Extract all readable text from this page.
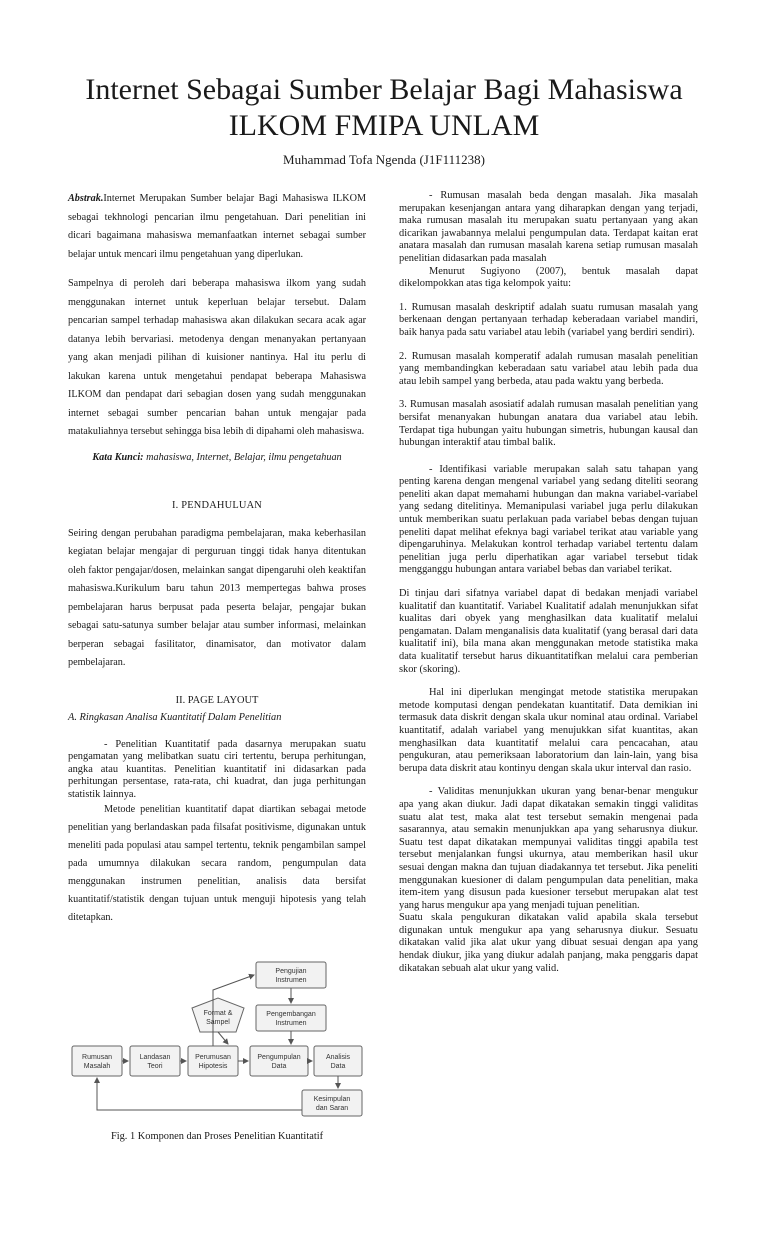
Internet Sebagai Sumber Belajar Bagi Mahasiswa
ILKOM FMIPA UNLAM
Muhammad Tofa Ngenda (J1F111238)

Abstrak.Internet Merupakan Sumber belajar Bagi Mahasiswa ILKOM sebagai tekhnologi pencarian ilmu pengetahuan. Dari penelitian ini dicari bagaimana mahasiswa memanfaatkan internet sebagai sumber belajar untuk mencari ilmu pengetahuan yang diperlukan.

Sampelnya di peroleh dari beberapa mahasiswa ilkom yang sudah menggunakan internet untuk keperluan belajar tersebut. Dalam pencarian sampel terhadap mahasiswa akan dilakukan secara acak agar datanya lebih bervariasi. metodenya dengan menanyakan pertanyaan yang akan menjadi pilihan di kuisioner nantinya. Hal itu perlu di lakukan karena untuk mengetahui pendapat beberapa Mahasiswa ILKOM dan pendapat dari sebagian dosen yang sudah menggunakan internet sebagai sumber pencarian bahan untuk mengajar pada matakuliahnya tersebut sehingga bisa lebih di dipahami oleh mahasiswa.

Kata Kunci: mahasiswa, Internet, Belajar, ilmu pengetahuan

I. PENDAHULUAN

Seiring dengan perubahan paradigma pembelajaran, maka keberhasilan kegiatan belajar mengajar di perguruan tinggi tidak hanya ditentukan oleh faktor pengajar/dosen, melainkan sangat dipengaruhi oleh keaktifan mahasiswa.Kurikulum baru tahun 2013 mempertegas bahwa proses pembelajaran harus berpusat pada peserta belajar, pengajar bukan sebagai satu-satunya sumber belajar atau sumber informasi, melainkan berperan sebagai fasilitator, dinamisator, dan motivator dalam pembelajaran.

II. PAGE LAYOUT
A. Ringkasan Analisa Kuantitatif Dalam Penelitian

- Penelitian Kuantitatif pada dasarnya merupakan suatu pengamatan yang melibatkan suatu ciri tertentu, berupa perhitungan, angka atau kuantitas. Penelitian kuantitatif ini didasarkan pada perhitungan persentase, rata-rata, chi kuadrat, dan juga perhitungan statistik lainnya.

Metode penelitian kuantitatif dapat diartikan sebagai metode penelitian yang berlandaskan pada filsafat positivisme, digunakan untuk meneliti pada populasi atau sampel tertentu, teknik pengambilan sampel pada umumnya dilakukan secara random, pengumpulan data menggunakan instrumen penelitian, analisis data bersifat kuantitatif/statistik dengan tujuan untuk menguji hipotesis yang telah ditetapkan.

Pengujian
Instrumen
Pengembangan
Instrumen
Format &
Sampel
Rumusan
Masalah
Landasan
Teori
Perumusan
Hipotesis
Pengumpulan
Data
Analisis
Data
Kesimpulan
dan Saran
Fig. 1 Komponen dan Proses Penelitian Kuantitatif

- Rumusan masalah beda dengan masalah. Jika masalah merupakan kesenjangan antara yang diharapkan dengan yang terjadi, maka rumusan masalah itu merupakan suatu pertanyaan yang akan dicarikan jawabannya melalui pengumpulan data. Terdapat kaitan erat anatara masalah dan rumusan masalah karena setiap rumusan masalah penelitian didasarkan pada masalah

Menurut Sugiyono (2007), bentuk masalah dapat dikelompokkan atas tiga kelompok yaitu:

1. Rumusan masalah deskriptif adalah suatu rumusan masalah yang berkenaan dengan pertanyaan terhadap keberadaan variabel mandiri, baik hanya pada satu variabel atau lebih (variabel yang berdiri sendiri).

2. Rumusan masalah komperatif adalah rumusan masalah penelitian yang membandingkan keberadaan satu variabel atau lebih pada dua atau lebih sampel yang berbeda, atau pada waktu yang berbeda.

3. Rumusan masalah asosiatif adalah rumusan masalah penelitian yang bersifat menanyakan hubungan anatara dua variabel atau lebih. Terdapat tiga hubungan yaitu hubungan simetris, hubungan kausal dan hubungan interaktif atau timbal balik.

- Identifikasi variable merupakan salah satu tahapan yang penting karena dengan mengenal variabel yang sedang diteliti seorang peneliti akan dapat memahami hubungan dan makna variabel-variabel yang sedang ditelitinya. Memanipulasi variabel juga perlu dilakukan untuk memberikan suatu perlakuan pada variabel bebas dengan tujuan peneliti dapat melihat efeknya bagi variabel terikat atau variable yang dipengaruhinya. Melakukan kontrol terhadap variabel tertentu dalam penelitian juga perlu diperhatikan agar variabel tersebut tidak mengganggu hubungan antara variabel bebas dan variabel terikat.

Di tinjau dari sifatnya variabel dapat di bedakan menjadi variabel kualitatif dan kuantitatif. Variabel Kualitatif adalah menunjukkan sifat kualitas dari obyek yang menghasilkan data kualitatif melalui pengamatan. Dalam menganalisis data kualitatif (yang berasal dari data kualitatif ini), bila mana akan menggunakan metode statistika maka data kualitatif tersebut harus dikuantitatifkan melalui cara pemberian skor (skoring).

Hal ini diperlukan mengingat metode statistika merupakan metode komputasi dengan pendekatan kuantitatif. Data demikian ini termasuk data diskrit dengan skala ukur nominal atau ordinal. Variabel kuantitatif, adalah variabel yang menujukkan sifat kuantitas, akan menghasilkan data kuantitatif melalui cara pencacahan, atau pengukuran, atau pemeriksaan laboratorium dan lain-lain, yang bisa berupa data diskrit atau kontinyu dengan skala ukur interval dan rasio.

- Validitas menunjukkan ukuran yang benar-benar mengukur apa yang akan diukur. Jadi dapat dikatakan semakin tinggi validitas suatu alat test, maka alat test tersebut semakin mengenai pada sasarannya, atau semakin menunjukkan apa yang seharusnya diukur. Suatu test dapat dikatakan mempunyai validitas tinggi apabila test tersebut menjalankan fungsi ukurnya, atau memberikan hasil ukur sesuai dengan makna dan tujuan diadakannya tet tersebut. Jika peneliti menggunakan kuesioner di dalam pengumpulan data penelitian, maka item-item yang disusun pada kuesioner tersebut merupakan alat test yang harus mengukur apa yang menjadi tujuan penelitian.

Suatu skala pengukuran dikatakan valid apabila skala tersebut digunakan untuk mengukur apa yang seharusnya diukur. Sesuatu dikatakan valid jika alat ukur yang dibuat sesuai dengan apa yang hendak diukur, jika yang diukur adalah panjang, maka penggaris dapat dikatakan sebuah alat ukur yang valid.
